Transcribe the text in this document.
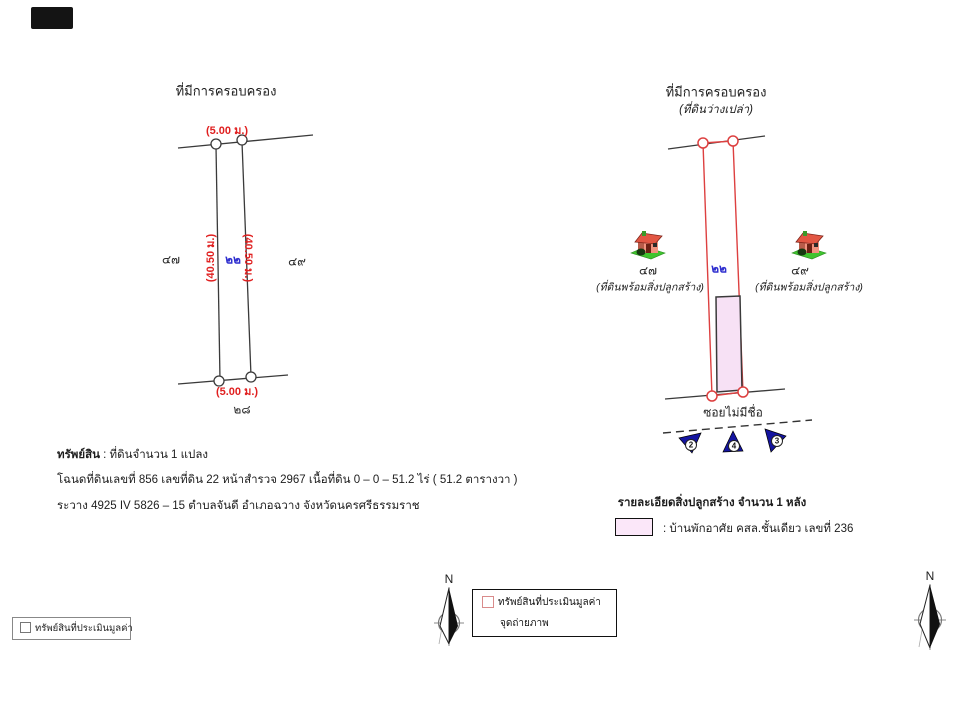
ที่มีการครอบครอง
(5.00 ม.)
๔๗	๒๒	๔๙
(40.50 ม.) (40.50 ม.)
(5.00 ม.)
๒๘
ที่มีการครอบครอง
(ที่ดินว่างเปล่า)
๔๗
(ที่ดินพร้อมสิ่งปลูกสร้าง)
๒๒	๔๙
(ที่ดินพร้อมสิ่งปลูกสร้าง)
ซอยไม่มีชื่อ
2	4
3
ทรัพย์สิน : ที่ดินจำนวน 1 แปลง
โฉนดที่ดินเลขที่ 856 เลขที่ดิน 22 หน้าสำรวจ 2967 เนื้อที่ดิน 0 – 0 – 51.2 ไร่ ( 51.2 ตารางวา )
ระวาง 4925 IV 5826 – 15 ตำบลจันดี อำเภอฉวาง จังหวัดนครศรีธรรมราช	รายละเอียดสิ่งปลูกสร้าง จำนวน 1 หลัง
: บ้านพักอาศัย คสล.ชั้นเดียว เลขที่ 236
N
ทรัพย์สินที่ประเมินมูลค่า
จุดถ่ายภาพ
N
ทรัพย์สินที่ประเมินมูลค่า
